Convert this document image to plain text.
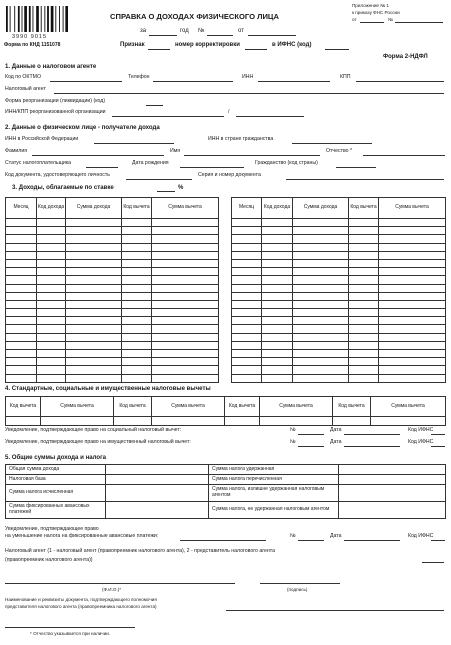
3990 9015
Приложение № 1
к приказу ФНС России
от	№
СПРАВКА О ДОХОДАХ ФИЗИЧЕСКОГО ЛИЦА
за	год №	от
Форма по КНД 1151078	Признак	номер корректировки	в ИФНС (код)
Форма 2-НДФЛ
1. Данные о налоговом агенте
Код по ОКТМО	Телефон	ИНН	КПП
Налоговый агент
Форма реорганизации (ликвидации) (код)
ИНН/КПП реорганизованной организации	/
2. Данные о физическом лице - получателе дохода
ИНН в Российской Федерации	ИНН в стране гражданства
Фамилия	Имя	Отчество *
Статус налогоплательщика	Дата рождения	Гражданство (код страны)
Код документа, удостоверяющего личность	Серия и номер документа
3. Доходы, облагаемые по ставке	%
Месяц	Код дохода	Сумма дохода	Код вычета	Сумма вычета

					Месяц	Код дохода	Сумма дохода	Код вычета	Сумма вычета

4. Стандартные, социальные и имущественные налоговые вычеты
Код вычета	Сумма вычета	Код вычета	Сумма вычета	Код вычета	Сумма вычета	Код вычета	Сумма вычета

Уведомление, подтверждающее право на социальный налоговый вычет:	№	Дата	Код ИФНС
Уведомление, подтверждающее право на имущественный налоговый вычет:	№	Дата	Код ИФНС
5. Общие суммы дохода и налога
Общая сумма дохода		Сумма налога удержанная	
Налоговая база		Сумма налога перечисленная	
Сумма налога исчисленная		Сумма налога, излишне удержанная налоговым агентом	
Сумма фиксированных авансовых платежей		Сумма налога, не удержанная налоговым агентом	
Уведомление, подтверждающее право
на уменьшение налога на фиксированные авансовые платежи:	№	Дата	Код ИФНС
Налоговый агент (1 - налоговый агент (правопреемник налогового агента), 2 - представитель налогового агента
(правопреемник налогового агента))
(Ф.И.О.)*	(подпись)
Наименование и реквизиты документа, подтверждающего полномочия
представителя налогового агента (правопреемника налогового агента)
* Отчество указывается при наличии.
